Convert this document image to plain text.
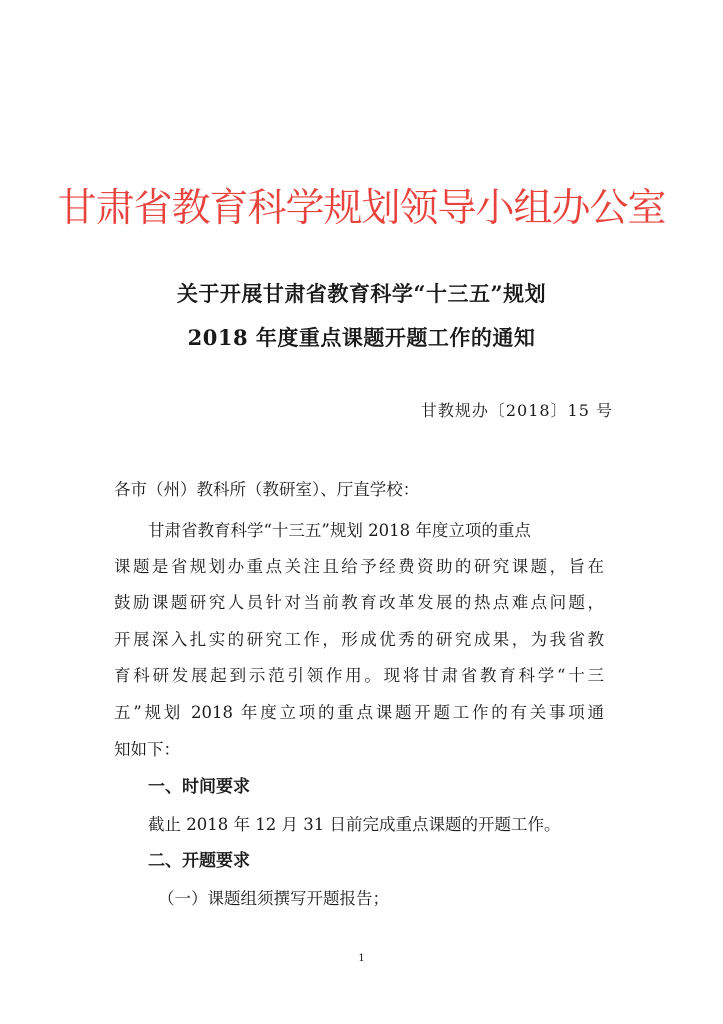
甘肃省教育科学规划领导小组办公室
关于开展甘肃省教育科学“十三五”规划
2018 年度重点课题开题工作的通知
甘教规办〔2018〕15 号
各市（州）教科所（教研室）、厅直学校：
甘肃省教育科学“十三五”规划 2018 年度立项的重点
课题是省规划办重点关注且给予经费资助的研究课题，旨在
鼓励课题研究人员针对当前教育改革发展的热点难点问题，
开展深入扎实的研究工作，形成优秀的研究成果，为我省教
育科研发展起到示范引领作用。现将甘肃省教育科学“十三
五”规划 2018 年度立项的重点课题开题工作的有关事项通
知如下：
一、时间要求
截止 2018 年 12 月 31 日前完成重点课题的开题工作。
二、开题要求
（一）课题组须撰写开题报告；
1
